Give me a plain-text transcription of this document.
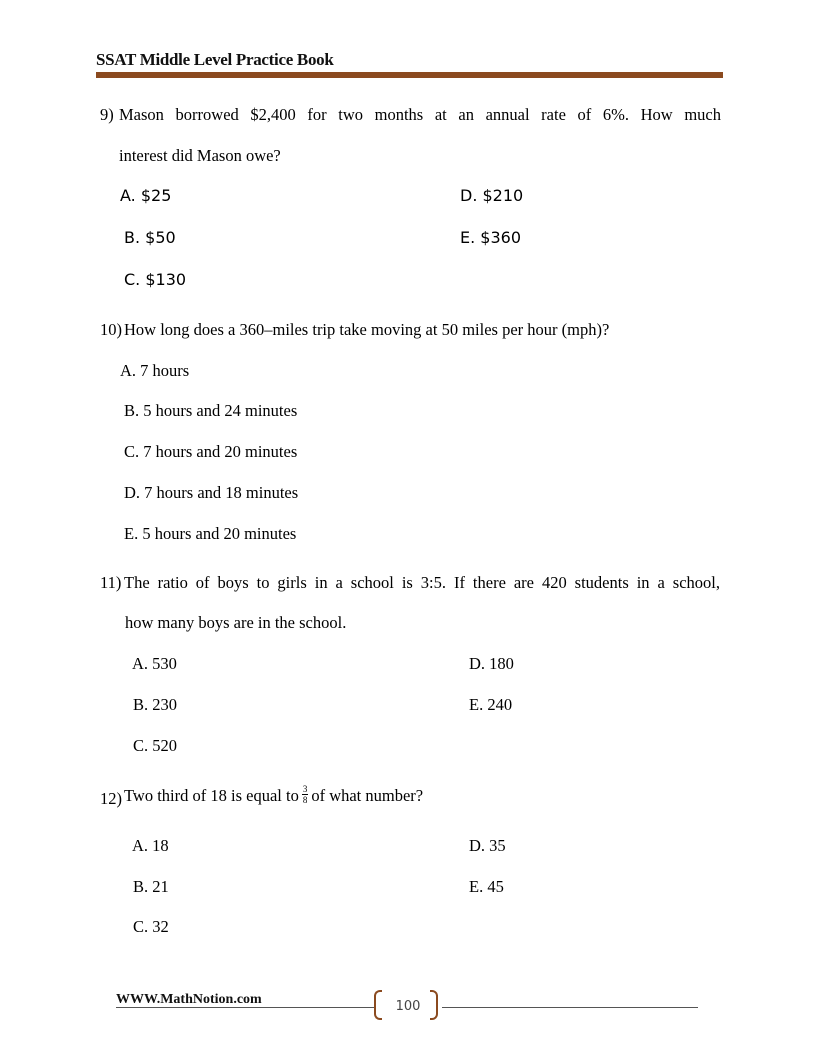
SSAT Middle Level Practice Book
9) Mason borrowed $2,400 for two months at an annual rate of 6%. How much
interest did Mason owe?
A. $25
B. $50
C. $130
D. $210
E. $360
10) How long does a 360–miles trip take moving at 50 miles per hour (mph)?
A. 7 hours
B. 5 hours and 24 minutes
C. 7 hours and 20 minutes
D. 7 hours and 18 minutes
E. 5 hours and 20 minutes
11) The ratio of boys to girls in a school is 3:5. If there are 420 students in a school,
how many boys are in the school.
A. 530
B. 230
C. 520
D. 180
E. 240
12) Two third of 18 is equal to $\frac{3}{8}$ of what number?
A. 18
B. 21
C. 32
D. 35
E. 45
WWW.MathNotion.com	100
